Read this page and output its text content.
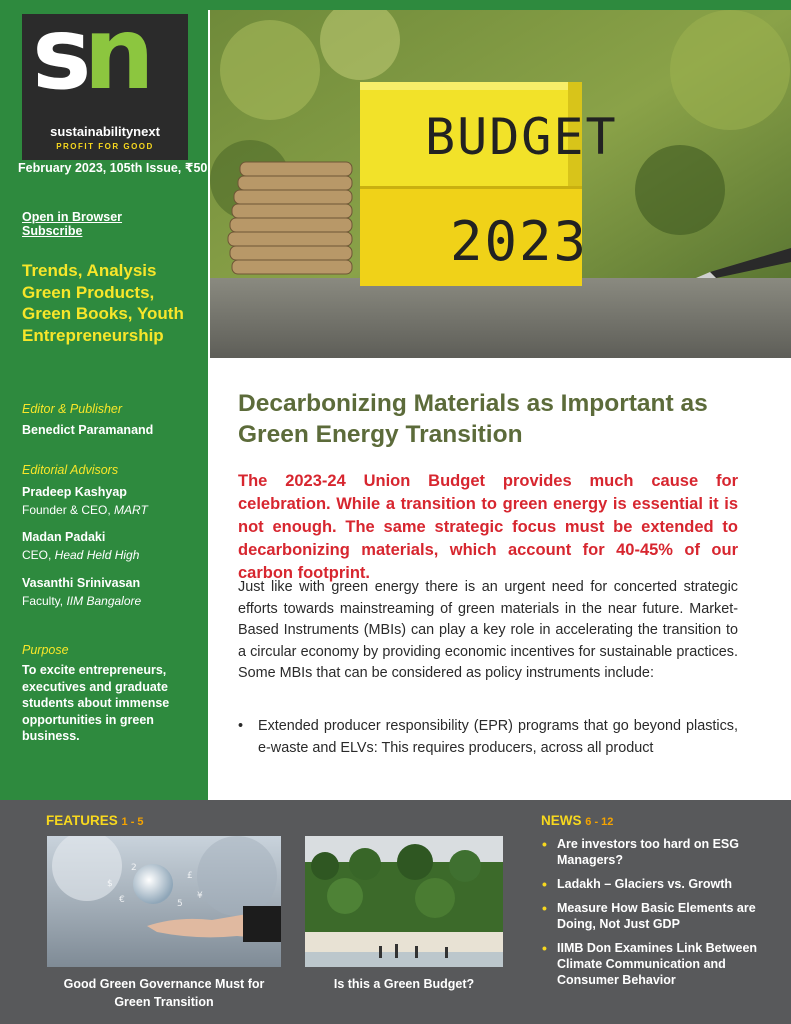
sn
sustainabilitynext
PROFIT FOR GOOD
February 2023, 105th Issue, ₹50
Open in Browser Subscribe
Trends, Analysis Green Products, Green Books, Youth Entrepreneurship
Editor & Publisher
Benedict Paramanand
Editorial Advisors
Pradeep Kashyap
Founder & CEO, MART
Madan Padaki
CEO, Head Held High
Vasanthi Srinivasan
Faculty, IIM Bangalore
Purpose
To excite entrepreneurs, executives and graduate students about immense opportunities in green business.
BUDGET
2023
Decarbonizing Materials as Important as Green Energy Transition

The 2023-24 Union Budget provides much cause for celebration. While a transition to green energy is essential it is not enough. The same strategic focus must be extended to decarbonizing materials, which account for 40-45% of our carbon footprint.

Just like with green energy there is an urgent need for concerted strategic efforts towards mainstreaming of green materials in the near future. Market-Based Instruments (MBIs) can play a key role in accelerating the transition to a circular economy by providing economic incentives for sustainable practices. Some MBIs that can be considered as policy instruments include:

• Extended producer responsibility (EPR) programs that go beyond plastics, e-waste and ELVs: This requires producers, across all product
FEATURES 1 - 5
$
€
£
¥
2
5
Good Green Governance Must for Green Transition
Is this a Green Budget?
NEWS 6 - 12
• Are investors too hard on ESG Managers?
• Ladakh – Glaciers vs. Growth
• Measure How Basic Elements are Doing, Not Just GDP
• IIMB Don Examines Link Between Climate Communication and Consumer Behavior
